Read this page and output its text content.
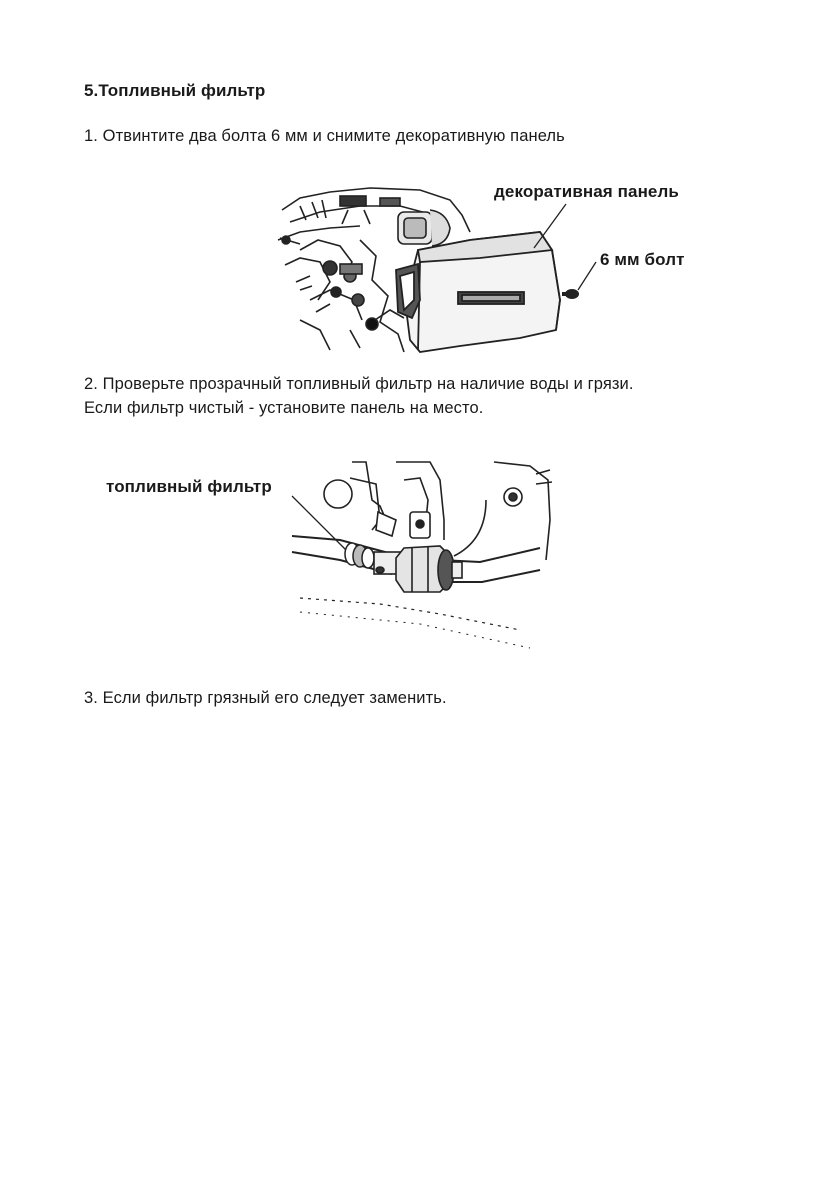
5.Топливный фильтр
1. Отвинтите два болта 6 мм и снимите декоративную панель
декоративная панель
6 мм болт
2. Проверьте прозрачный топливный фильтр на наличие воды и грязи.
Если фильтр чистый - установите панель на место.
топливный фильтр
3. Если фильтр грязный его следует заменить.
